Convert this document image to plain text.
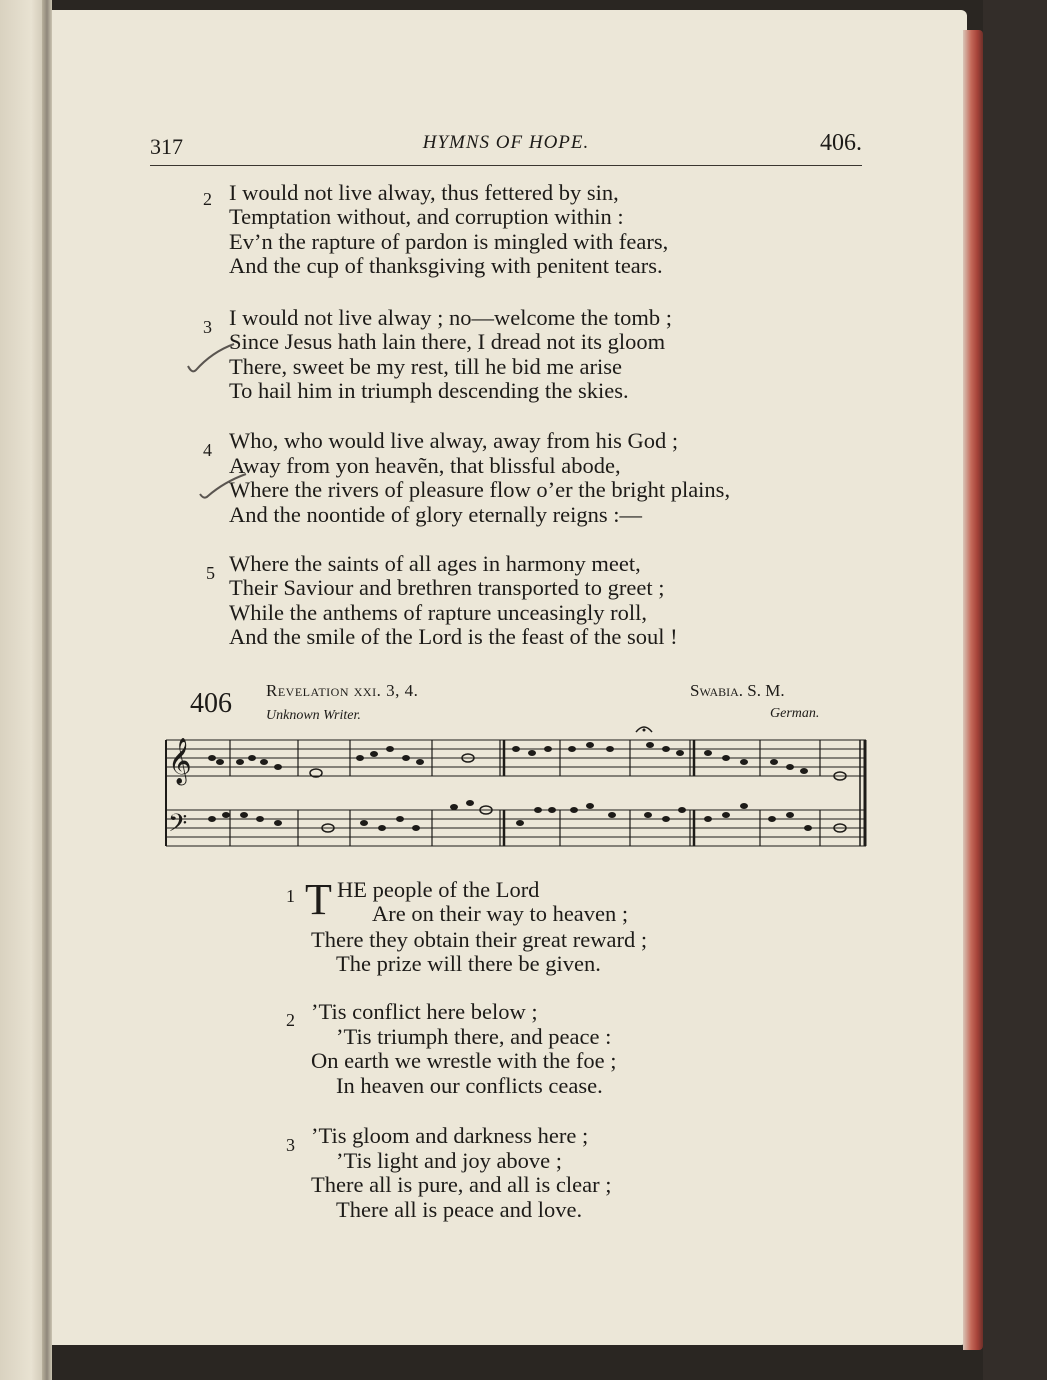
317	HYMNS OF HOPE.	406.
2 I would not live alway, thus fettered by sin,
Temptation without, and corruption within :
Ev’n the rapture of pardon is mingled with fears,
And the cup of thanksgiving with penitent tears.
3 I would not live alway ; no—welcome the tomb ;
Since Jesus hath lain there, I dread not its gloom
There, sweet be my rest, till he bid me arise
To hail him in triumph descending the skies.
4 Who, who would live alway, away from his God ;
Away from yon heavẽn, that blissful abode,
Where the rivers of pleasure flow o’er the bright plains,
And the noontide of glory eternally reigns :—
5 Where the saints of all ages in harmony meet,
Their Saviour and brethren transported to greet ;
While the anthems of rapture unceasingly roll,
And the smile of the Lord is the feast of the soul !
406 Revelation xxi. 3, 4.
Unknown Writer.
Swabia. S. M.
German.
𝄞
𝄢
1 T HE people of the Lord
Are on their way to heaven ;
There they obtain their great reward ;
The prize will there be given.
2 ’Tis conflict here below ;
’Tis triumph there, and peace :
On earth we wrestle with the foe ;
In heaven our conflicts cease.
3 ’Tis gloom and darkness here ;
’Tis light and joy above ;
There all is pure, and all is clear ;
There all is peace and love.
